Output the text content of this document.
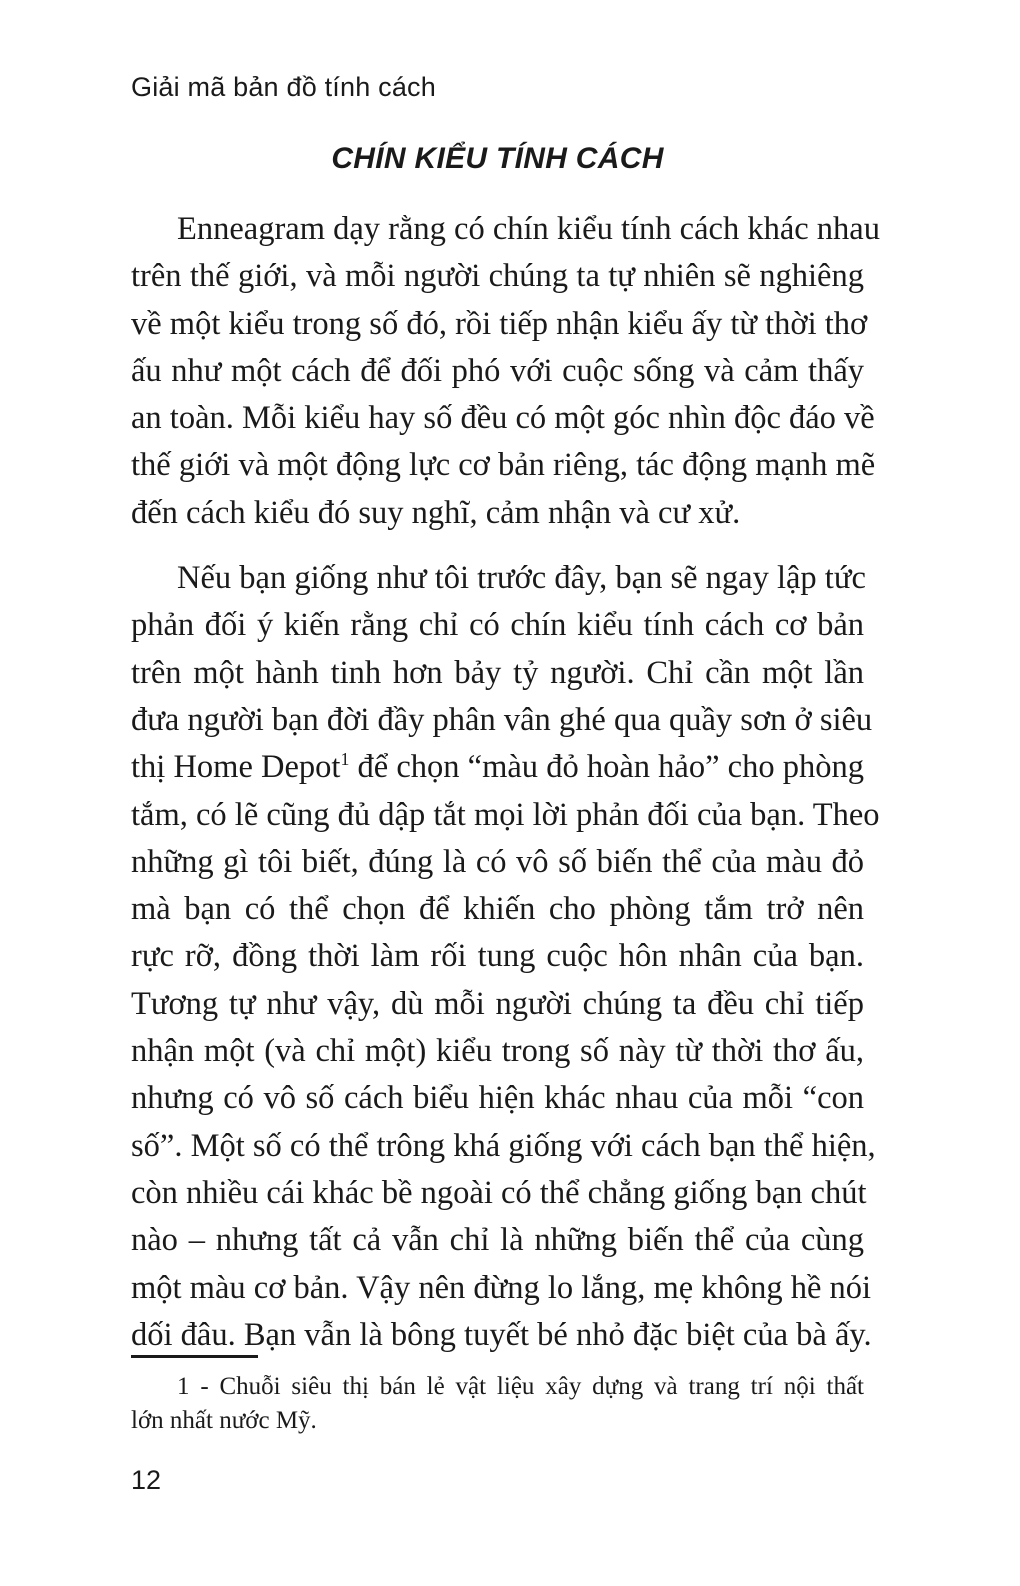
Giải mã bản đồ tính cách
CHÍN KIỂU TÍNH CÁCH

Enneagram dạy rằng có chín kiểu tính cách khác nhau
trên thế giới, và mỗi người chúng ta tự nhiên sẽ nghiêng
về một kiểu trong số đó, rồi tiếp nhận kiểu ấy từ thời thơ
ấu như một cách để đối phó với cuộc sống và cảm thấy
an toàn. Mỗi kiểu hay số đều có một góc nhìn độc đáo về
thế giới và một động lực cơ bản riêng, tác động mạnh mẽ
đến cách kiểu đó suy nghĩ, cảm nhận và cư xử.

Nếu bạn giống như tôi trước đây, bạn sẽ ngay lập tức
phản đối ý kiến rằng chỉ có chín kiểu tính cách cơ bản
trên một hành tinh hơn bảy tỷ người. Chỉ cần một lần
đưa người bạn đời đầy phân vân ghé qua quầy sơn ở siêu
thị Home Depot$^1$ để chọn “màu đỏ hoàn hảo” cho phòng
tắm, có lẽ cũng đủ dập tắt mọi lời phản đối của bạn. Theo
những gì tôi biết, đúng là có vô số biến thể của màu đỏ
mà bạn có thể chọn để khiến cho phòng tắm trở nên
rực rỡ, đồng thời làm rối tung cuộc hôn nhân của bạn.
Tương tự như vậy, dù mỗi người chúng ta đều chỉ tiếp
nhận một (và chỉ một) kiểu trong số này từ thời thơ ấu,
nhưng có vô số cách biểu hiện khác nhau của mỗi “con
số”. Một số có thể trông khá giống với cách bạn thể hiện,
còn nhiều cái khác bề ngoài có thể chẳng giống bạn chút
nào – nhưng tất cả vẫn chỉ là những biến thể của cùng
một màu cơ bản. Vậy nên đừng lo lắng, mẹ không hề nói
dối đâu. Bạn vẫn là bông tuyết bé nhỏ đặc biệt của bà ấy.

1 - Chuỗi siêu thị bán lẻ vật liệu xây dựng và trang trí nội thất
lớn nhất nước Mỹ.
12
